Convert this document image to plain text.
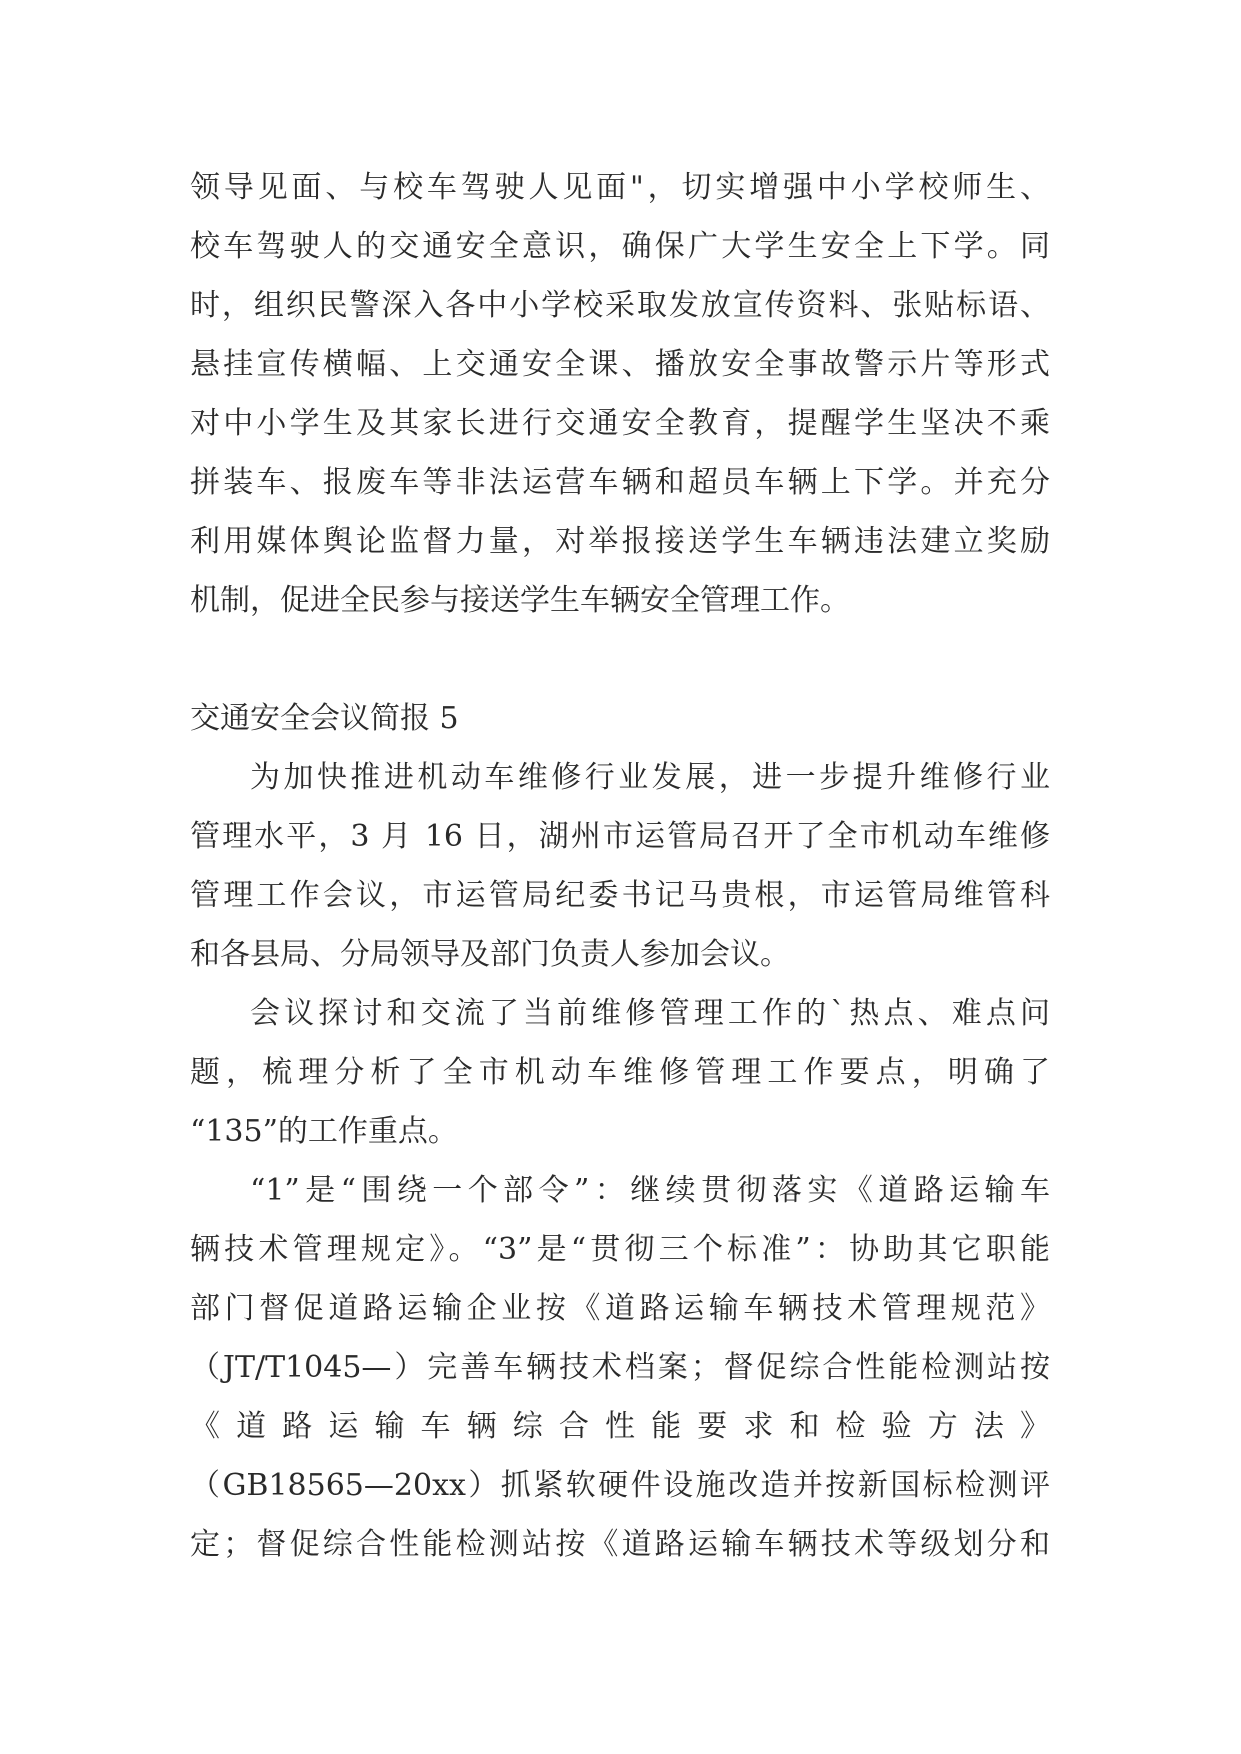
领导见面、与校车驾驶人见面"，切实增强中小学校师生、
校车驾驶人的交通安全意识，确保广大学生安全上下学。同
时，组织民警深入各中小学校采取发放宣传资料、张贴标语、
悬挂宣传横幅、上交通安全课、播放安全事故警示片等形式
对中小学生及其家长进行交通安全教育，提醒学生坚决不乘
拼装车、报废车等非法运营车辆和超员车辆上下学。并充分
利用媒体舆论监督力量，对举报接送学生车辆违法建立奖励
机制，促进全民参与接送学生车辆安全管理工作。
交通安全会议简报 5
为加快推进机动车维修行业发展，进一步提升维修行业
管理水平，3 月 16 日，湖州市运管局召开了全市机动车维修
管理工作会议，市运管局纪委书记马贵根，市运管局维管科
和各县局、分局领导及部门负责人参加会议。
会议探讨和交流了当前维修管理工作的`热点、难点问
题，梳理分析了全市机动车维修管理工作要点，明确了
“135”的工作重点。
“1”是“围绕一个部令”：继续贯彻落实《道路运输车
辆技术管理规定》。“3”是“贯彻三个标准”：协助其它职能
部门督促道路运输企业按《道路运输车辆技术管理规范》
（JT/T1045—）完善车辆技术档案；督促综合性能检测站按
《道路运输车辆综合性能要求和检验方法》
（GB18565—20xx）抓紧软硬件设施改造并按新国标检测评
定；督促综合性能检测站按《道路运输车辆技术等级划分和
